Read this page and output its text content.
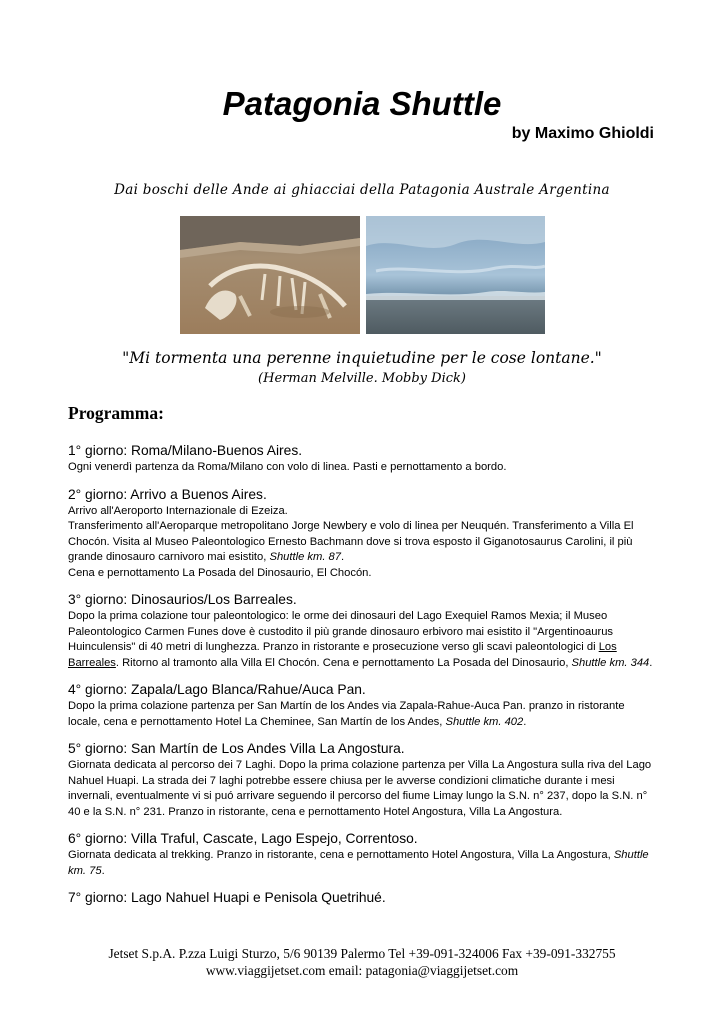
Patagonia Shuttle
by Maximo Ghioldi
Dai boschi delle Ande ai ghiacciai della Patagonia Australe Argentina
"Mi tormenta una perenne inquietudine per le cose lontane."
(Herman Melville. Mobby Dick)
Programma:
1° giorno: Roma/Milano-Buenos Aires.
Ogni venerdì partenza da Roma/Milano con volo di linea. Pasti e pernottamento a bordo.
2° giorno: Arrivo a Buenos Aires.
Arrivo all'Aeroporto Internazionale di Ezeiza.
Transferimento all'Aeroparque metropolitano Jorge Newbery e volo di linea per Neuquén. Transferimento a Villa El Chocón. Visita al Museo Paleontologico Ernesto Bachmann dove si trova esposto il Giganotosaurus Carolini, il più grande dinosauro carnivoro mai esistito, Shuttle km. 87.
Cena e pernottamento La Posada del Dinosaurio, El Chocón.
3° giorno: Dinosaurios/Los Barreales.
Dopo la prima colazione tour paleontologico: le orme dei dinosauri del Lago Exequiel Ramos Mexia; il Museo Paleontologico Carmen Funes dove è custodito il più grande dinosauro erbivoro mai esistito il "Argentinoaurus Huinculensis" di 40 metri di lunghezza. Pranzo in ristorante e prosecuzione verso gli scavi paleontologici di Los Barreales. Ritorno al tramonto alla Villa El Chocón. Cena e pernottamento La Posada del Dinosaurio, Shuttle km. 344.
4° giorno: Zapala/Lago Blanca/Rahue/Auca Pan.
Dopo la prima colazione partenza per San Martín de los Andes via Zapala-Rahue-Auca Pan. pranzo in ristorante locale, cena e pernottamento Hotel La Cheminee, San Martín de los Andes, Shuttle km. 402.
5° giorno: San Martín de Los Andes Villa La Angostura.
Giornata dedicata al percorso dei 7 Laghi. Dopo la prima colazione partenza per Villa La Angostura sulla riva del Lago Nahuel Huapi. La strada dei 7 laghi potrebbe essere chiusa per le avverse condizioni climatiche durante i mesi invernali, eventualmente vi si puó arrivare seguendo il percorso del fiume Limay lungo la S.N. n° 237, dopo la S.N. n° 40 e la S.N. n° 231. Pranzo in ristorante, cena e pernottamento Hotel Angostura, Villa La Angostura.
6° giorno: Villa Traful, Cascate, Lago Espejo, Correntoso.
Giornata dedicata al trekking. Pranzo in ristorante, cena e pernottamento Hotel Angostura, Villa La Angostura, Shuttle km. 75.
7° giorno: Lago Nahuel Huapi e Penisola Quetrihué.
Jetset S.p.A. P.zza Luigi Sturzo, 5/6 90139 Palermo Tel +39-091-324006 Fax +39-091-332755
www.viaggijetset.com email: patagonia@viaggijetset.com
